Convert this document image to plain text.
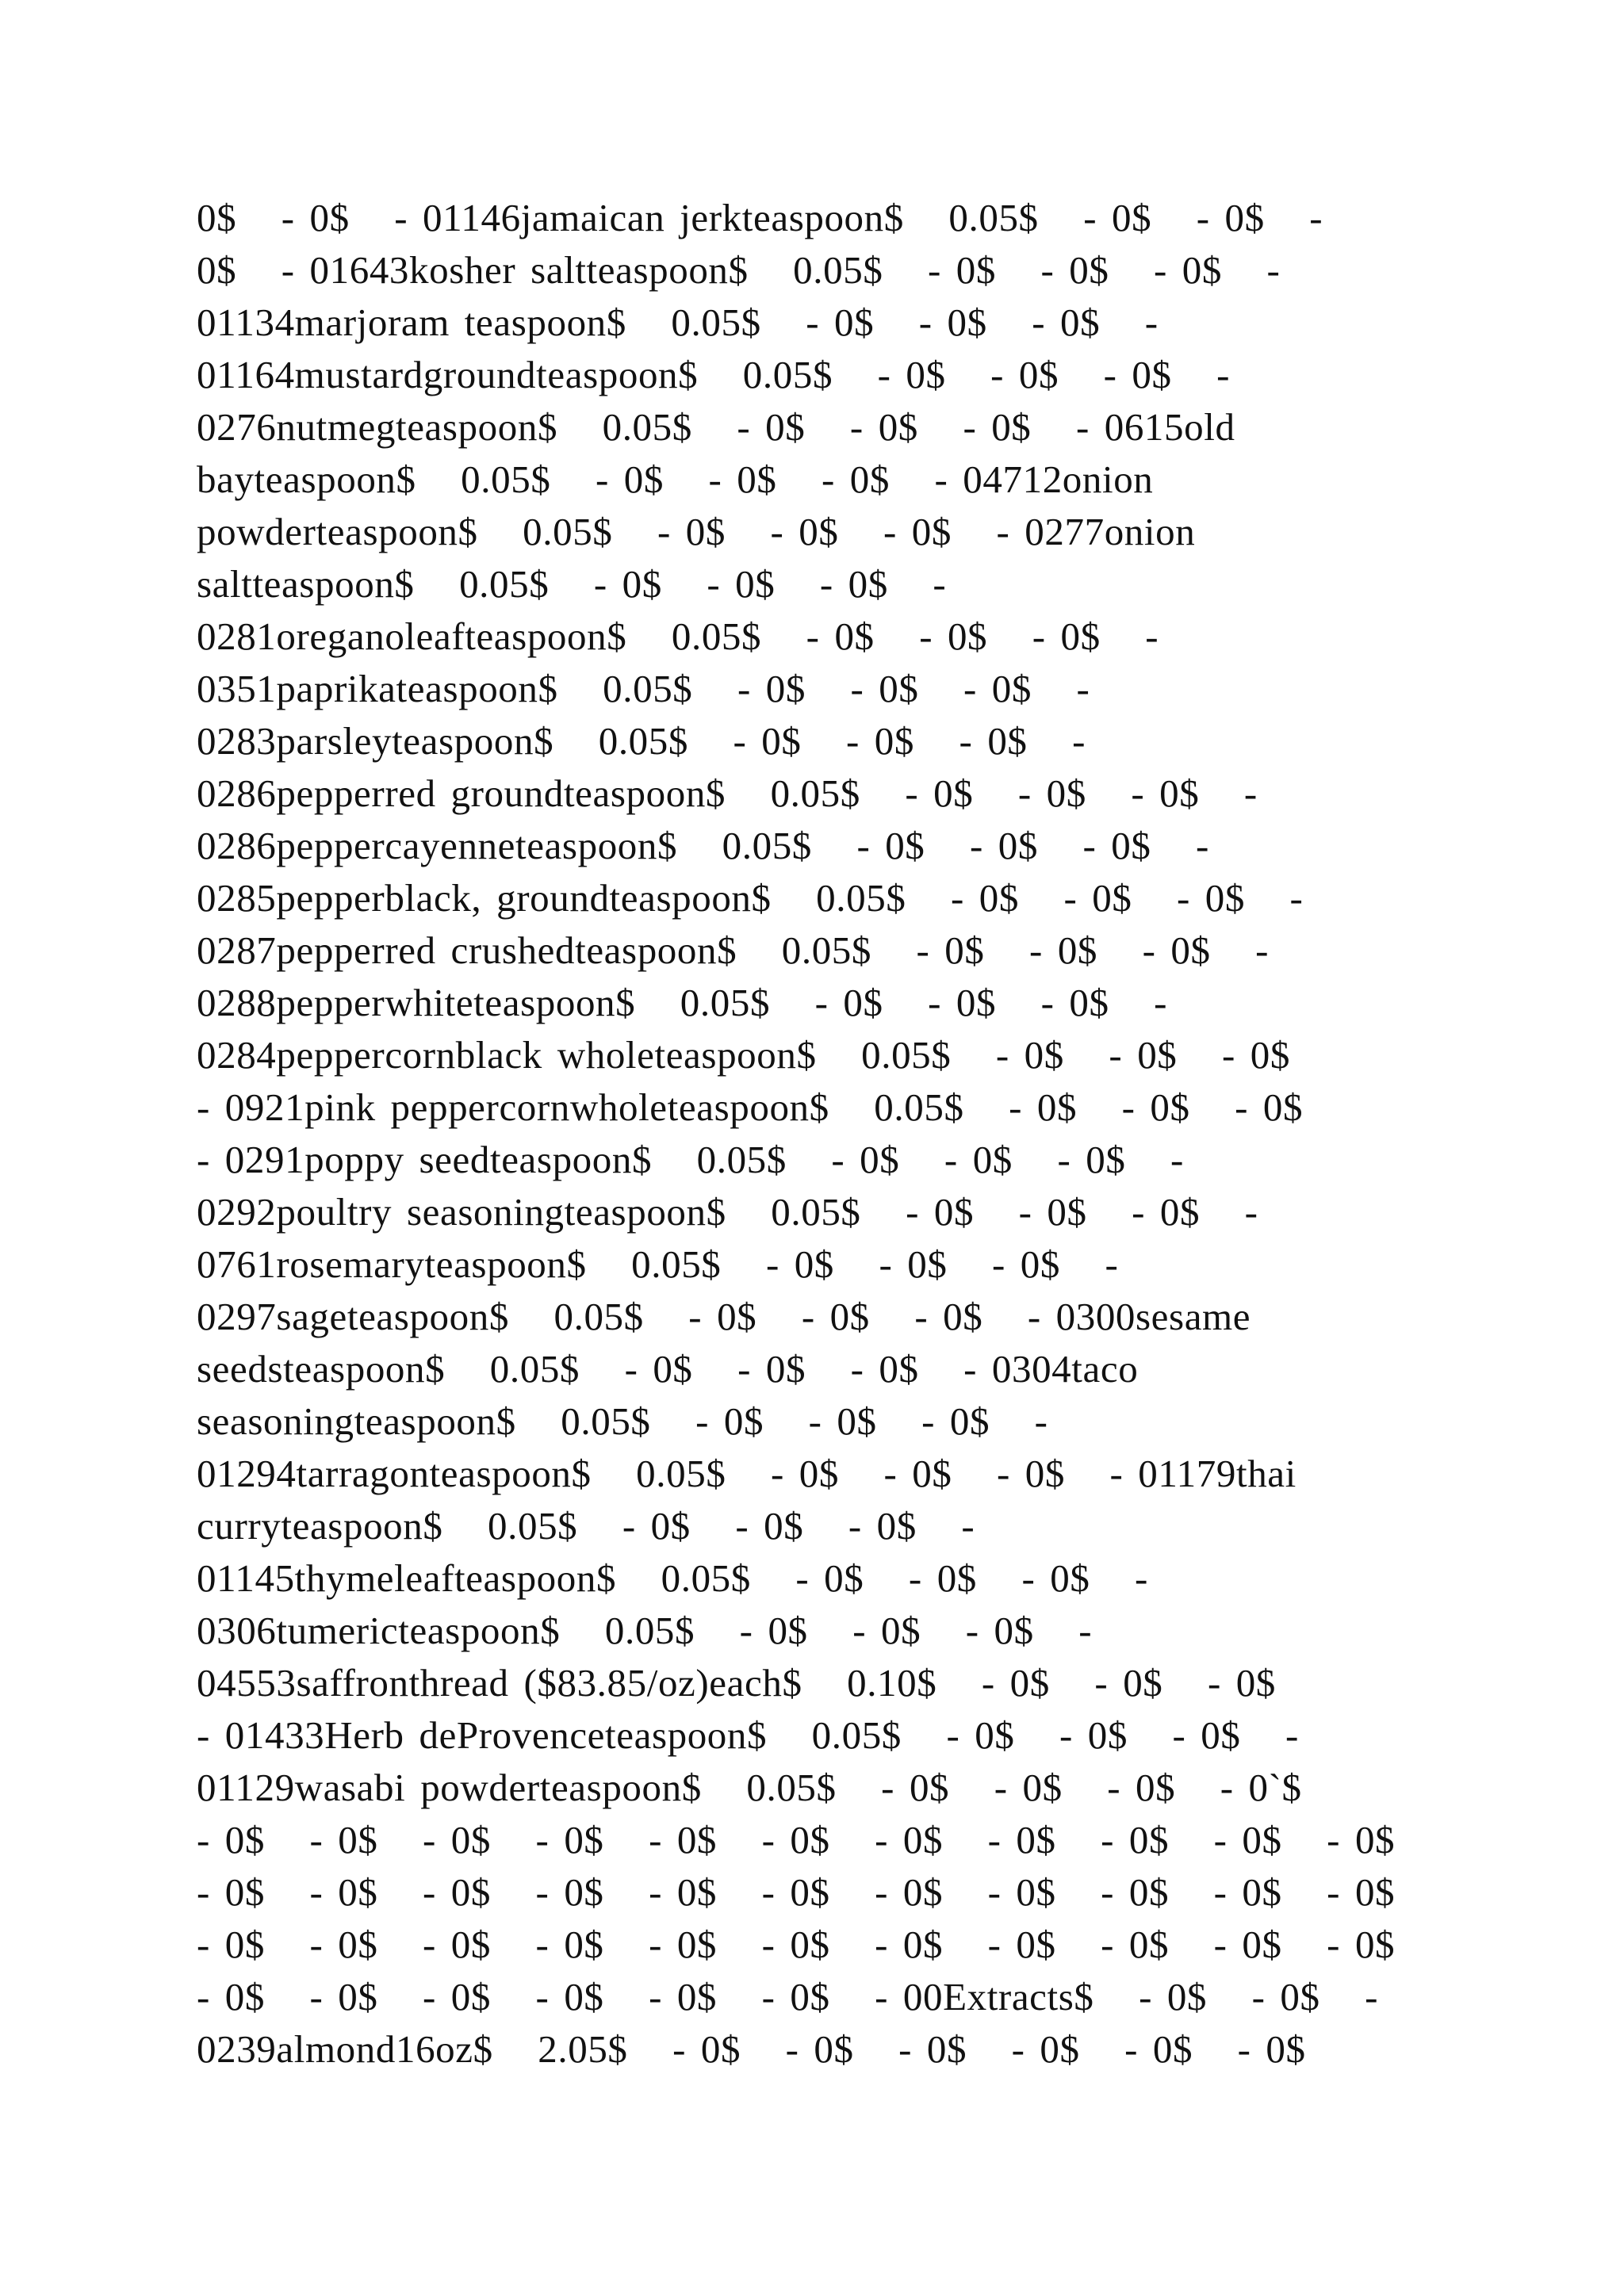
0$   - 0$   - 01146jamaican jerkteaspoon$   0.05$   - 0$   - 0$   -
0$   - 01643kosher saltteaspoon$   0.05$   - 0$   - 0$   - 0$   -
01134marjoram teaspoon$   0.05$   - 0$   - 0$   - 0$   -
01164mustardgroundteaspoon$   0.05$   - 0$   - 0$   - 0$   -
0276nutmegteaspoon$   0.05$   - 0$   - 0$   - 0$   - 0615old
bayteaspoon$   0.05$   - 0$   - 0$   - 0$   - 04712onion
powderteaspoon$   0.05$   - 0$   - 0$   - 0$   - 0277onion
saltteaspoon$   0.05$   - 0$   - 0$   - 0$   -
0281oreganoleafteaspoon$   0.05$   - 0$   - 0$   - 0$   -
0351paprikateaspoon$   0.05$   - 0$   - 0$   - 0$   -
0283parsleyteaspoon$   0.05$   - 0$   - 0$   - 0$   -
0286pepperred groundteaspoon$   0.05$   - 0$   - 0$   - 0$   -
0286peppercayenneteaspoon$   0.05$   - 0$   - 0$   - 0$   -
0285pepperblack, groundteaspoon$   0.05$   - 0$   - 0$   - 0$   -
0287pepperred crushedteaspoon$   0.05$   - 0$   - 0$   - 0$   -
0288pepperwhiteteaspoon$   0.05$   - 0$   - 0$   - 0$   -
0284peppercornblack wholeteaspoon$   0.05$   - 0$   - 0$   - 0$
- 0921pink peppercornwholeteaspoon$   0.05$   - 0$   - 0$   - 0$
- 0291poppy seedteaspoon$   0.05$   - 0$   - 0$   - 0$   -
0292poultry seasoningteaspoon$   0.05$   - 0$   - 0$   - 0$   -
0761rosemaryteaspoon$   0.05$   - 0$   - 0$   - 0$   -
0297sageteaspoon$   0.05$   - 0$   - 0$   - 0$   - 0300sesame
seedsteaspoon$   0.05$   - 0$   - 0$   - 0$   - 0304taco
seasoningteaspoon$   0.05$   - 0$   - 0$   - 0$   -
01294tarragonteaspoon$   0.05$   - 0$   - 0$   - 0$   - 01179thai
curryteaspoon$   0.05$   - 0$   - 0$   - 0$   -
01145thymeleafteaspoon$   0.05$   - 0$   - 0$   - 0$   -
0306tumericteaspoon$   0.05$   - 0$   - 0$   - 0$   -
04553saffronthread ($83.85/oz)each$   0.10$   - 0$   - 0$   - 0$
- 01433Herb deProvenceteaspoon$   0.05$   - 0$   - 0$   - 0$   -
01129wasabi powderteaspoon$   0.05$   - 0$   - 0$   - 0$   - 0`$
- 0$   - 0$   - 0$   - 0$   - 0$   - 0$   - 0$   - 0$   - 0$   - 0$   - 0$
- 0$   - 0$   - 0$   - 0$   - 0$   - 0$   - 0$   - 0$   - 0$   - 0$   - 0$
- 0$   - 0$   - 0$   - 0$   - 0$   - 0$   - 0$   - 0$   - 0$   - 0$   - 0$
- 0$   - 0$   - 0$   - 0$   - 0$   - 0$   - 00Extracts$   - 0$   - 0$   -
0239almond16oz$   2.05$   - 0$   - 0$   - 0$   - 0$   - 0$   - 0$
